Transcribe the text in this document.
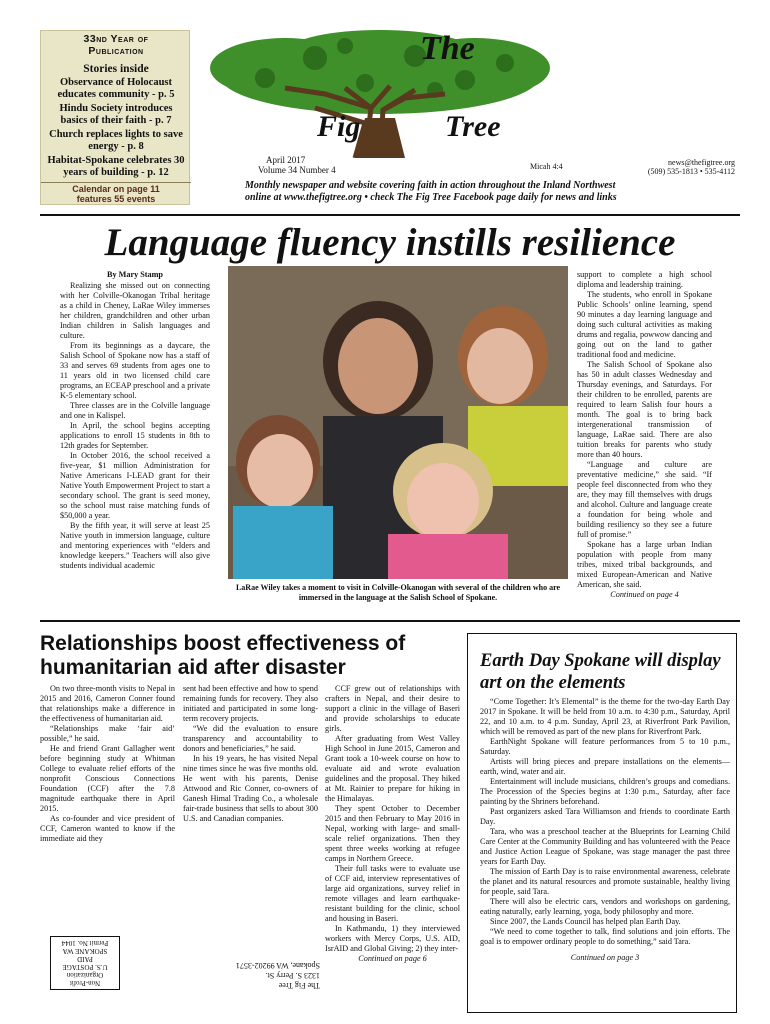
33nd Year of
Publication
Stories inside
Observance of Holocaust educates community - p. 5
Hindu Society introduces basics of their faith - p. 7
Church replaces lights to save energy - p. 8
Habitat-Spokane celebrates 30 years of building - p. 12
Calendar on page 11
features 55 events
The
Fig	Tree
April 2017
Volume 34 Number 4	Micah 4:4	news@thefigtree.org
(509) 535-1813 • 535-4112
Monthly newspaper and website covering faith in action throughout the Inland Northwest
online at www.thefigtree.org • check The Fig Tree Facebook page daily for news and links
Language fluency instills resilience
By Mary Stamp

Realizing she missed out on connecting with her Colville-Okanogan Tribal heritage as a child in Cheney, LaRae Wiley immerses her children, grandchildren and other urban Indian children in Salish languages and culture.

From its beginnings as a daycare, the Salish School of Spokane now has a staff of 33 and serves 69 students from ages one to 11 years old in two licensed child care programs, an ECEAP preschool and a private K-5 elementary school.

Three classes are in the Colville language and one in Kalispel.

In April, the school begins accepting applications to enroll 15 students in 8th to 12th grades for September.

In October 2016, the school received a five-year, $1 million Administration for Native Americans I-LEAD grant for their Native Youth Empowerment Project to start a secondary school. The grant is seed money, so the school must raise matching funds of $50,000 a year.

By the fifth year, it will serve at least 25 Native youth in immersion language, culture and mentoring experiences with “elders and knowledge keepers.” Teachers will also give students individual academic

LaRae Wiley takes a moment to visit in Colville-Okanogan with several of the children who are immersed in the language at the Salish School of Spokane.

support to complete a high school diploma and leadership training.

The students, who enroll in Spokane Public Schools’ online learning, spend 90 minutes a day learning language and doing such cultural activities as making drums and regalia, powwow dancing and going out on the land to gather traditional food and medicine.

The Salish School of Spokane also has 50 in adult classes Wednesday and Thursday evenings, and Saturdays. For their children to be enrolled, parents are required to learn Salish four hours a month. The goal is to bring back intergenerational transmission of language, LaRae said. There are also tuition breaks for parents who study more than 40 hours.

“Language and culture are preventative medicine,” she said. “If people feel disconnected from who they are, they may fill themselves with drugs and alcohol. Culture and language create a foundation for being whole and building resiliency so they see a future full of promise.”

Spokane has a large urban Indian population with people from many tribes, mixed tribal backgrounds, and mixed European-American and Native American, she said.

Continued on page 4
Relationships boost effectiveness of humanitarian aid after disaster

On two three-month visits to Nepal in 2015 and 2016, Cameron Conner found that relationships make a difference in the effectiveness of humanitarian aid.

“Relationships make ‘fair aid’ possible,” he said.

He and friend Grant Gallagher went before beginning study at Whitman College to evaluate relief efforts of the nonprofit Conscious Connections Foundation (CCF) after the 7.8 magnitude earthquake there in April 2015.

As co-founder and vice president of CCF, Cameron wanted to know if the immediate aid they

sent had been effective and how to spend remaining funds for recovery. They also initiated and participated in some long-term recovery projects.

“We did the evaluation to ensure transparency and accountability to donors and beneficiaries,” he said.

In his 19 years, he has visited Nepal nine times since he was five months old. He went with his parents, Denise Attwood and Ric Conner, co-owners of Ganesh Himal Trading Co., a wholesale fair-trade business that sells to about 300 U.S. and Canadian companies.

CCF grew out of relationships with crafters in Nepal, and their desire to support a clinic in the village of Baseri and provide scholarships to educate girls.

After graduating from West Valley High School in June 2015, Cameron and Grant took a 10-week course on how to evaluate aid and wrote evaluation guidelines and the proposal. They hiked at Mt. Rainier to prepare for hiking in the Himalayas.

They spent October to December 2015 and then February to May 2016 in Nepal, working with large- and small-scale relief organizations. Then they spent three weeks working at refugee camps in Northern Greece.

Their full tasks were to evaluate use of CCF aid, interview representatives of large aid organizations, survey relief in remote villages and learn earthquake-resistant building for the clinic, school and housing in Baseri.

In Kathmandu, 1) they interviewed workers with Mercy Corps, U.S. AID, IsrAID and Global Giving; 2) they inter-

Continued on page 6
The Fig Tree
1323 S. Perry St.
Spokane, WA 99202-3571
Non-Profit
Organization
U.S. POSTAGE
PAID
SPOKANE WA
Permit No. 1044
Earth Day Spokane will display art on the elements

“Come Together: It’s Elemental” is the theme for the two-day Earth Day 2017 in Spokane. It will be held from 10 a.m. to 4:30 p.m., Saturday, April 22, and 10 a.m. to 4 p.m. Sunday, April 23, at Riverfront Park Pavilion, which will be removed as part of the new plans for Riverfront Park.

EarthNight Spokane will feature performances from 5 to 10 p.m., Saturday.

Artists will bring pieces and prepare installations on the elements—earth, wind, water and air.

Entertainment will include musicians, children’s groups and comedians. The Procession of the Species begins at 1:30 p.m., Saturday, after face painting by the Shriners beforehand.

Past organizers asked Tara Williamson and friends to coordinate Earth Day.

Tara, who was a preschool teacher at the Blueprints for Learning Child Care Center at the Community Building and has volunteered with the Peace and Justice Action League of Spokane, was stage manager the past three years for Earth Day.

The mission of Earth Day is to raise environmental awareness, celebrate the planet and its natural resources and promote sustainable, healthy living for people, said Tara.

There will also be electric cars, vendors and workshops on gardening, eating naturally, early learning, yoga, body philosophy and more.

Since 2007, the Lands Council has helped plan Earth Day.

“We need to come together to talk, find solutions and join efforts. The goal is to empower ordinary people to do something,” said Tara.

Continued on page 3
